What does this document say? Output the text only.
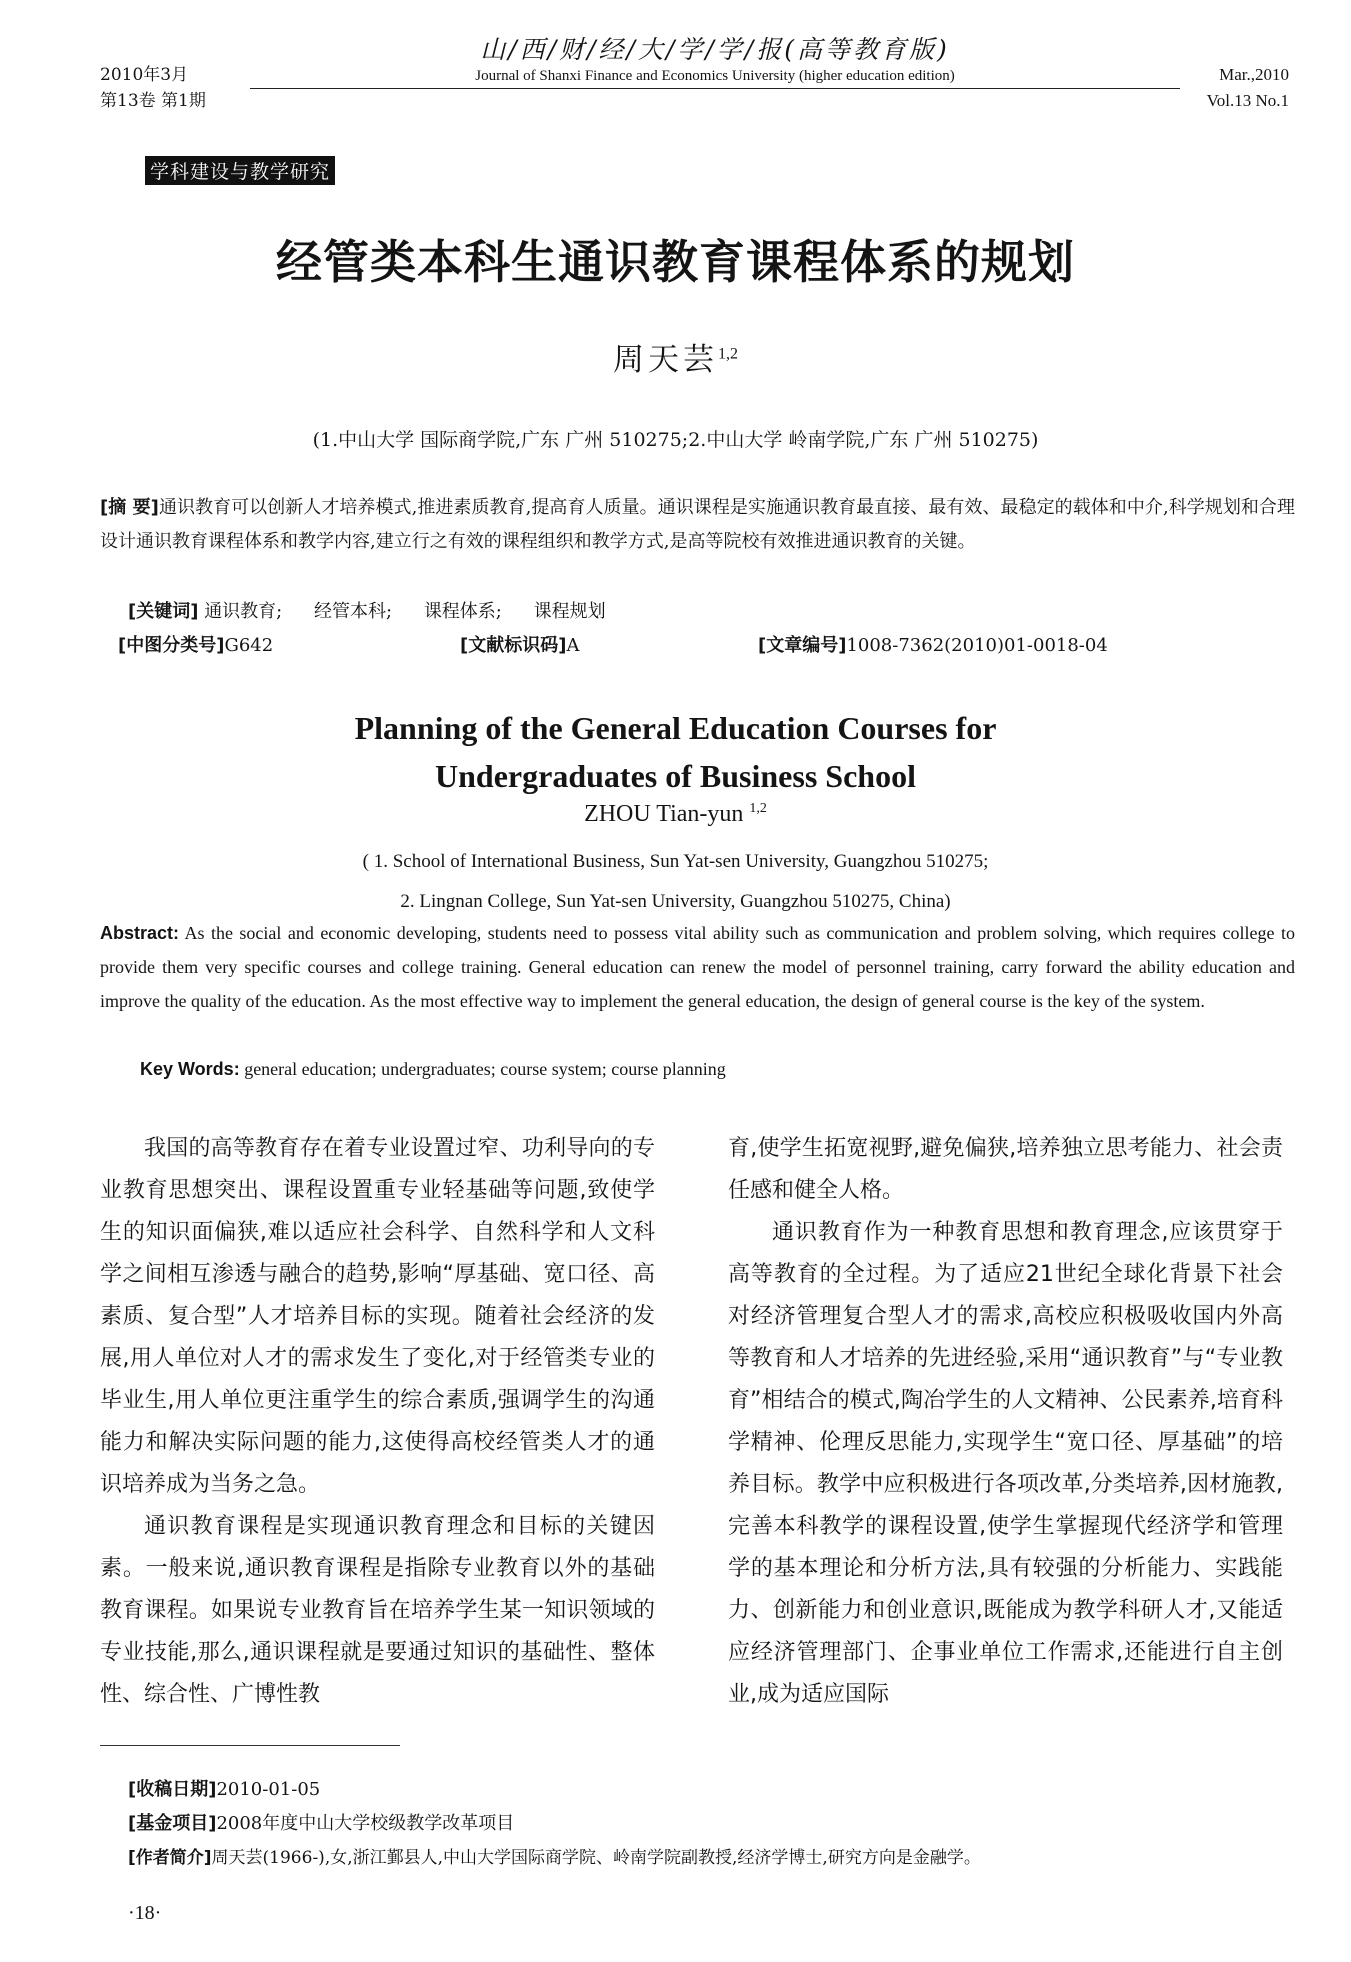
2010年3月
第13卷 第1期
山/西/财/经/大/学/学/报(高等教育版)
Journal of Shanxi Finance and Economics University (higher education edition)	Mar.,2010
Vol.13 No.1
学科建设与教学研究
经管类本科生通识教育课程体系的规划
周天芸$^{1,2}$
(1.中山大学 国际商学院,广东 广州 510275;2.中山大学 岭南学院,广东 广州 510275)
[摘 要]通识教育可以创新人才培养模式,推进素质教育,提高育人质量。通识课程是实施通识教育最直接、最有效、最稳定的载体和中介,科学规划和合理设计通识教育课程体系和教学内容,建立行之有效的课程组织和教学方式,是高等院校有效推进通识教育的关键。
[关键词] 通识教育; 经管本科; 课程体系; 课程规划
[中图分类号]G642	[文献标识码]A	[文章编号]1008-7362(2010)01-0018-04
Planning of the General Education Courses for
Undergraduates of Business School
ZHOU Tian-yun $^{1,2}$
( 1. School of International Business, Sun Yat-sen University, Guangzhou 510275;
2. Lingnan College, Sun Yat-sen University, Guangzhou 510275, China)
Abstract: As the social and economic developing, students need to possess vital ability such as communication and problem solving, which requires college to provide them very specific courses and college training. General education can renew the model of personnel training, carry forward the ability education and improve the quality of the education. As the most effective way to implement the general education, the design of general course is the key of the system.
Key Words: general education; undergraduates; course system; course planning

我国的高等教育存在着专业设置过窄、功利导向的专业教育思想突出、课程设置重专业轻基础等问题,致使学生的知识面偏狭,难以适应社会科学、自然科学和人文科学之间相互渗透与融合的趋势,影响“厚基础、宽口径、高素质、复合型”人才培养目标的实现。随着社会经济的发展,用人单位对人才的需求发生了变化,对于经管类专业的毕业生,用人单位更注重学生的综合素质,强调学生的沟通能力和解决实际问题的能力,这使得高校经管类人才的通识培养成为当务之急。

通识教育课程是实现通识教育理念和目标的关键因素。一般来说,通识教育课程是指除专业教育以外的基础教育课程。如果说专业教育旨在培养学生某一知识领域的专业技能,那么,通识课程就是要通过知识的基础性、整体性、综合性、广博性教

育,使学生拓宽视野,避免偏狭,培养独立思考能力、社会责任感和健全人格。

通识教育作为一种教育思想和教育理念,应该贯穿于高等教育的全过程。为了适应21世纪全球化背景下社会对经济管理复合型人才的需求,高校应积极吸收国内外高等教育和人才培养的先进经验,采用“通识教育”与“专业教育”相结合的模式,陶冶学生的人文精神、公民素养,培育科学精神、伦理反思能力,实现学生“宽口径、厚基础”的培养目标。教学中应积极进行各项改革,分类培养,因材施教,完善本科教学的课程设置,使学生掌握现代经济学和管理学的基本理论和分析方法,具有较强的分析能力、实践能力、创新能力和创业意识,既能成为教学科研人才,又能适应经济管理部门、企事业单位工作需求,还能进行自主创业,成为适应国际

[收稿日期]2010-01-05
[基金项目]2008年度中山大学校级教学改革项目
[作者简介]周天芸(1966-),女,浙江鄞县人,中山大学国际商学院、岭南学院副教授,经济学博士,研究方向是金融学。
·18·
